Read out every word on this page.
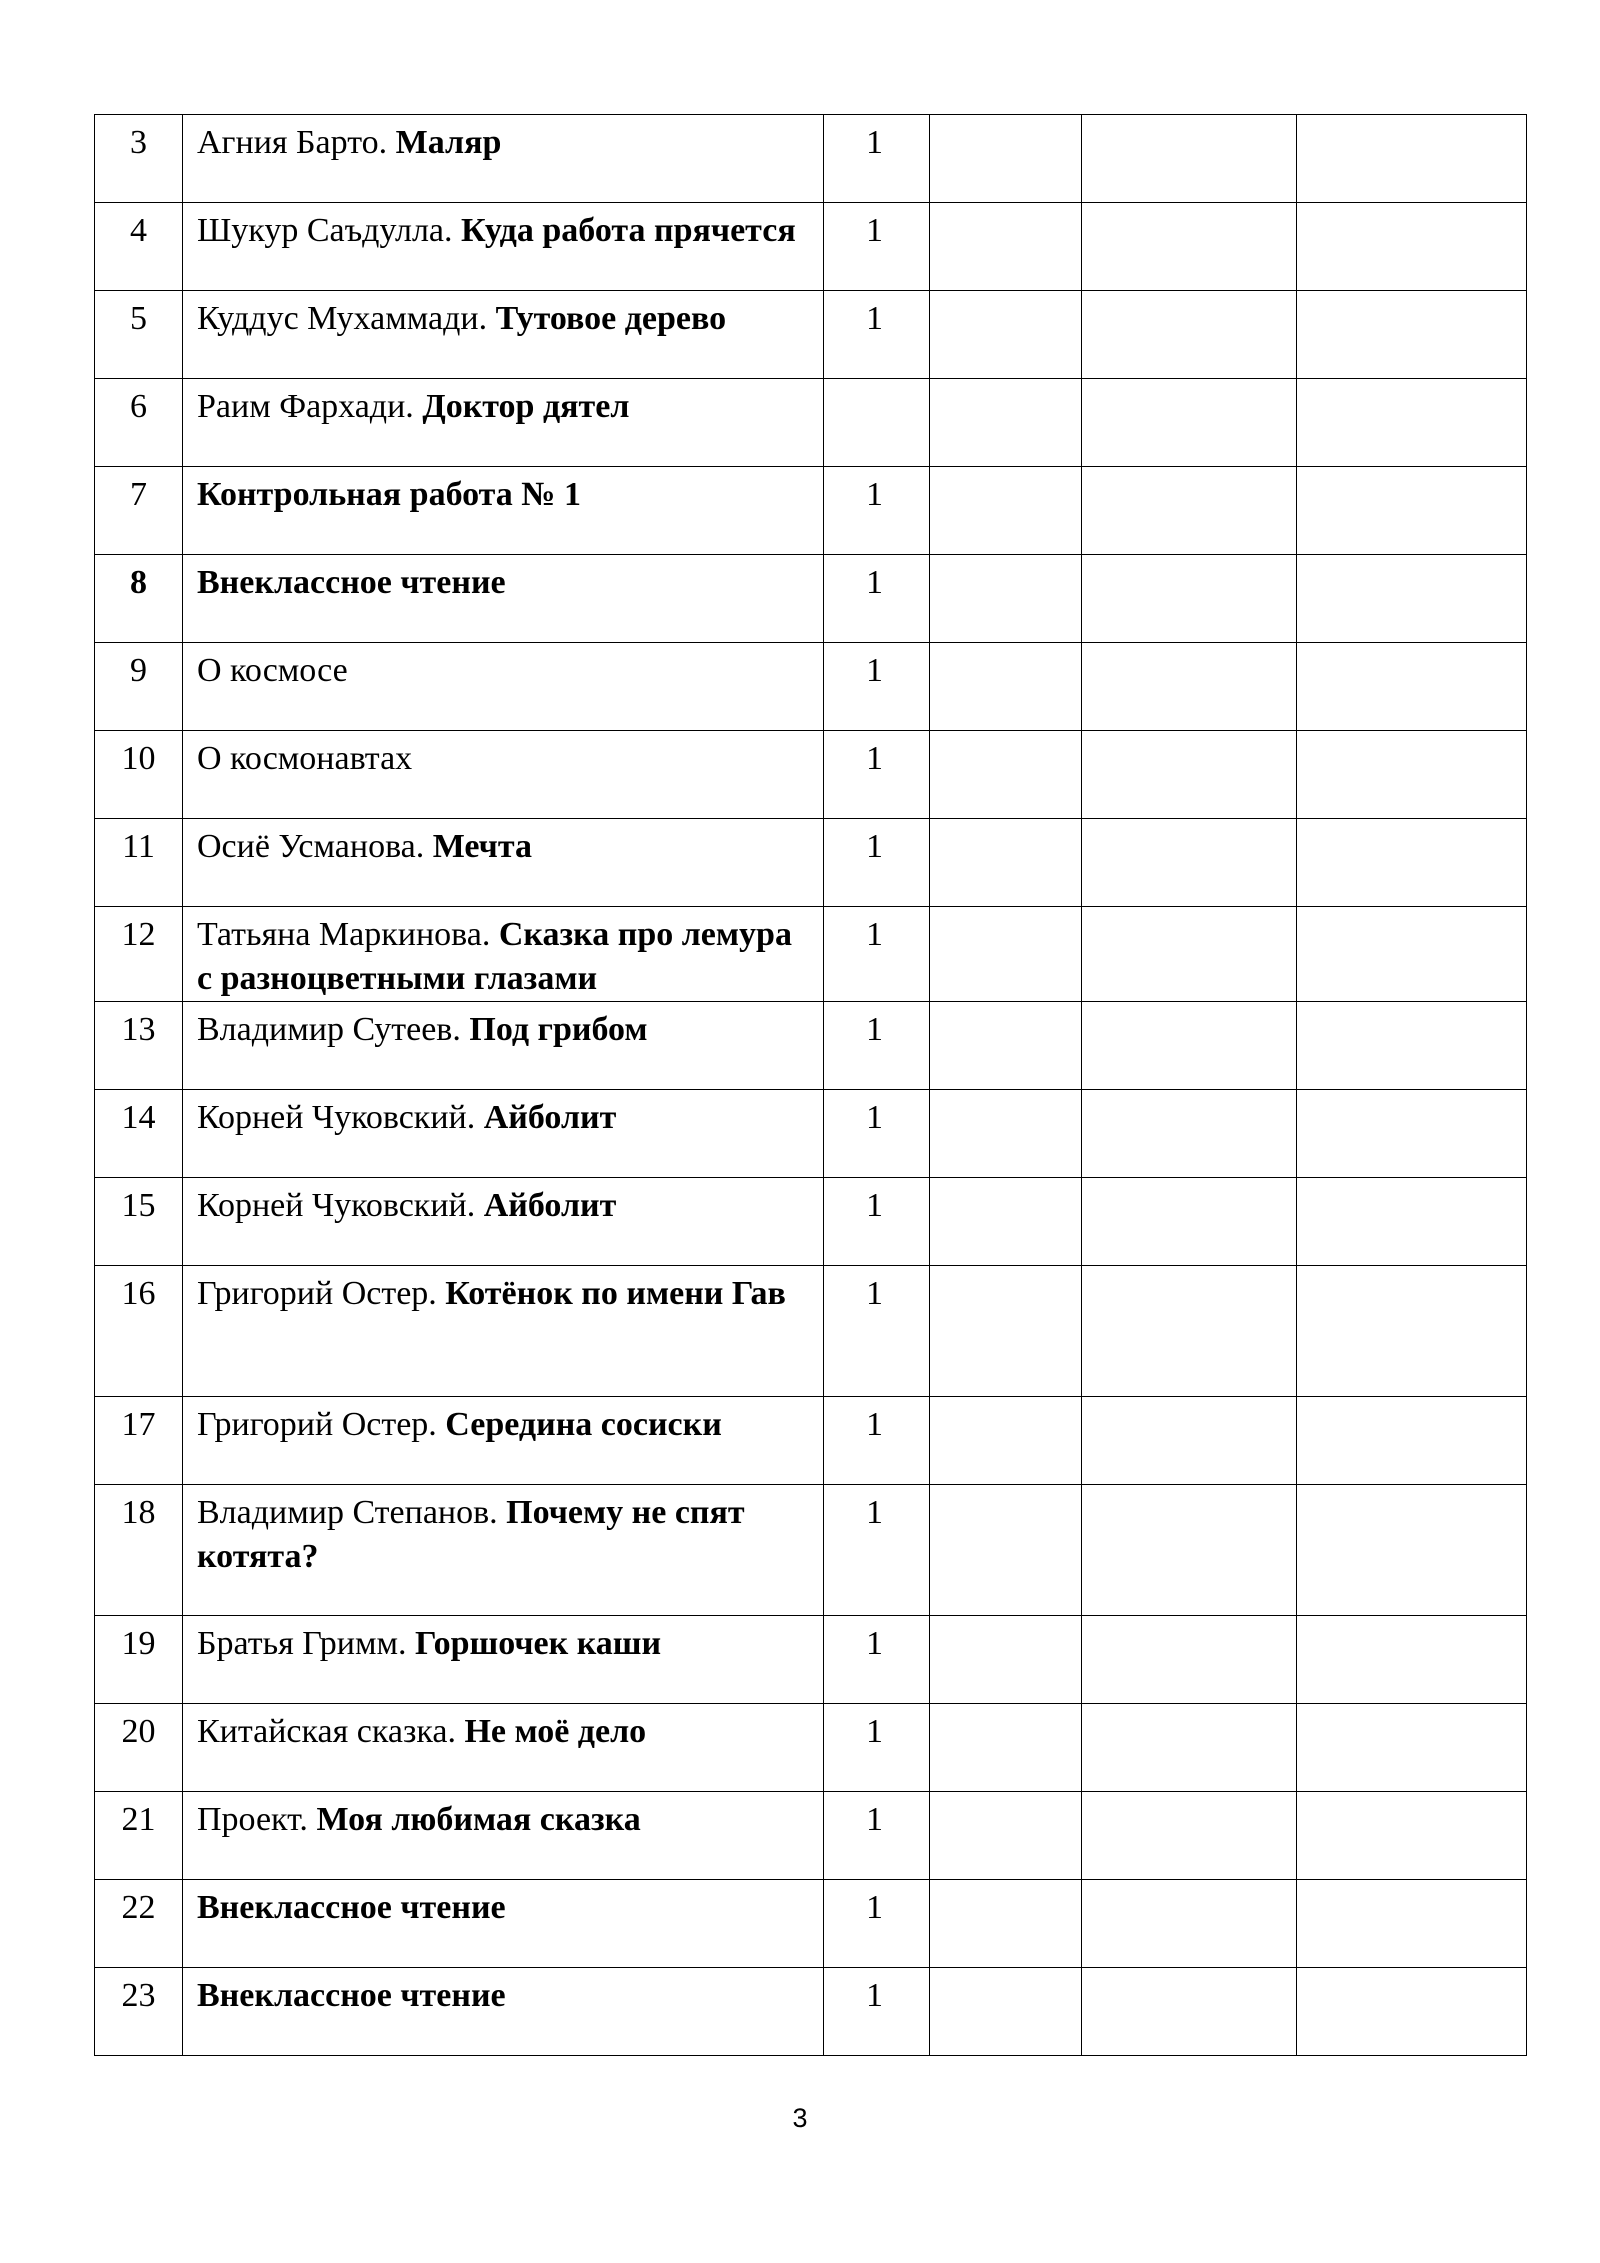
3	Агния Барто. Маляр	1			
4	Шукур Саъдулла. Куда работа прячется	1			
5	Куддус Мухаммади. Тутовое дерево	1			
6	Раим Фархади. Доктор дятел				
7	Контрольная работа № 1	1			
8	Внеклассное чтение	1			
9	О космосе	1			
10	О космонавтах	1			
11	Осиё Усманова. Мечта	1			
12	Татьяна Маркинова. Сказка про лемура с разноцветными глазами	1			
13	Владимир Сутеев. Под грибом	1			
14	Корней Чуковский. Айболит	1			
15	Корней Чуковский. Айболит	1			
16	Григорий Остер. Котёнок по имени Гав	1			
17	Григорий Остер. Середина сосиски	1			
18	Владимир Степанов. Почему не спят котята?	1			
19	Братья Гримм. Горшочек каши	1			
20	Китайская сказка. Не моё дело	1			
21	Проект. Моя любимая сказка	1			
22	Внеклассное чтение	1			
23	Внеклассное чтение	1			
3
